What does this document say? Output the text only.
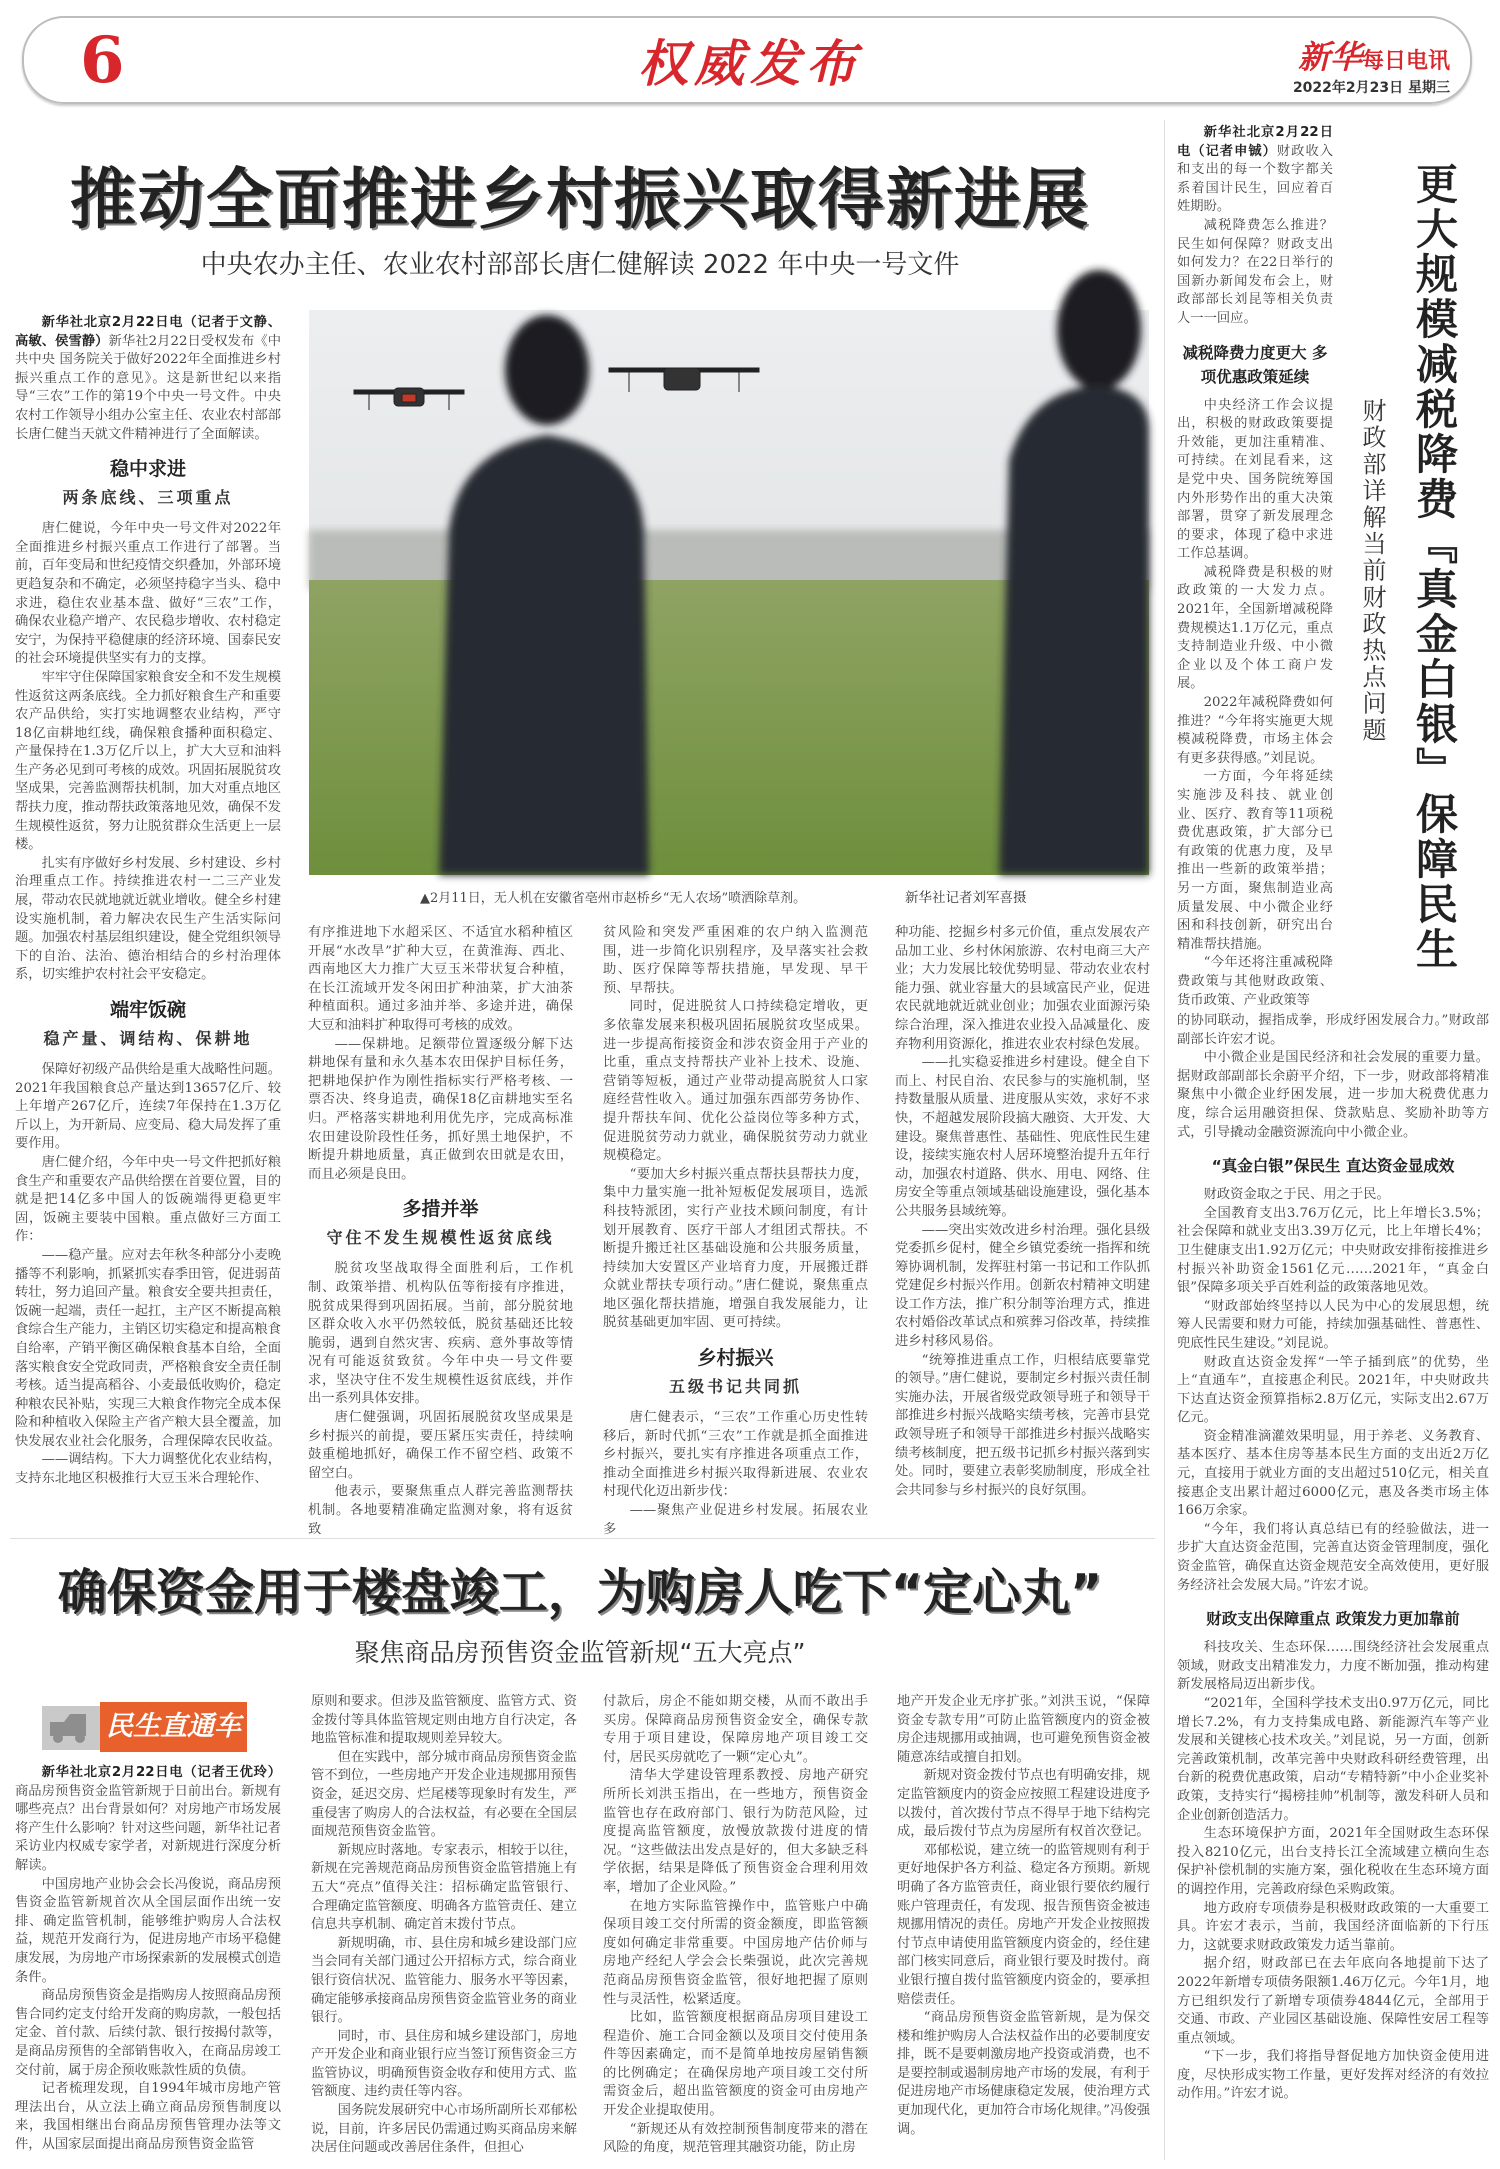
6	权威发布	新华每日电讯
2022年2月23日 星期三
推动全面推进乡村振兴取得新进展
中央农办主任、农业农村部部长唐仁健解读 2022 年中央一号文件

新华社北京2月22日电（记者于文静、高敏、侯雪静）新华社2月22日受权发布《中共中央 国务院关于做好2022年全面推进乡村振兴重点工作的意见》。这是新世纪以来指导“三农”工作的第19个中央一号文件。中央农村工作领导小组办公室主任、农业农村部部长唐仁健当天就文件精神进行了全面解读。

稳中求进
两条底线、三项重点

唐仁健说，今年中央一号文件对2022年全面推进乡村振兴重点工作进行了部署。当前，百年变局和世纪疫情交织叠加，外部环境更趋复杂和不确定，必须坚持稳字当头、稳中求进，稳住农业基本盘、做好“三农”工作，确保农业稳产增产、农民稳步增收、农村稳定安宁，为保持平稳健康的经济环境、国泰民安的社会环境提供坚实有力的支撑。

牢牢守住保障国家粮食安全和不发生规模性返贫这两条底线。全力抓好粮食生产和重要农产品供给，实打实地调整农业结构，严守18亿亩耕地红线，确保粮食播种面积稳定、产量保持在1.3万亿斤以上，扩大大豆和油料生产务必见到可考核的成效。巩固拓展脱贫攻坚成果，完善监测帮扶机制，加大对重点地区帮扶力度，推动帮扶政策落地见效，确保不发生规模性返贫，努力让脱贫群众生活更上一层楼。

扎实有序做好乡村发展、乡村建设、乡村治理重点工作。持续推进农村一二三产业发展，带动农民就地就近就业增收。健全乡村建设实施机制，着力解决农民生产生活实际问题。加强农村基层组织建设，健全党组织领导下的自治、法治、德治相结合的乡村治理体系，切实维护农村社会平安稳定。

端牢饭碗
稳产量、调结构、保耕地

保障好初级产品供给是重大战略性问题。2021年我国粮食总产量达到13657亿斤、较上年增产267亿斤，连续7年保持在1.3万亿斤以上，为开新局、应变局、稳大局发挥了重要作用。

唐仁健介绍，今年中央一号文件把抓好粮食生产和重要农产品供给摆在首要位置，目的就是把14亿多中国人的饭碗端得更稳更牢固，饭碗主要装中国粮。重点做好三方面工作：

——稳产量。应对去年秋冬种部分小麦晚播等不利影响，抓紧抓实春季田管，促进弱苗转壮，努力追回产量。粮食安全要共担责任，饭碗一起端，责任一起扛，主产区不断提高粮食综合生产能力，主销区切实稳定和提高粮食自给率，产销平衡区确保粮食基本自给，全面落实粮食安全党政同责，严格粮食安全责任制考核。适当提高稻谷、小麦最低收购价，稳定种粮农民补贴，实现三大粮食作物完全成本保险和种植收入保险主产省产粮大县全覆盖，加快发展农业社会化服务，合理保障农民收益。

——调结构。下大力调整优化农业结构，支持东北地区积极推行大豆玉米合理轮作、

▲2月11日，无人机在安徽省亳州市赵桥乡“无人农场”喷洒除草剂。	新华社记者刘军喜摄

有序推进地下水超采区、不适宜水稻种植区开展“水改旱”扩种大豆，在黄淮海、西北、西南地区大力推广大豆玉米带状复合种植，在长江流域开发冬闲田扩种油菜，扩大油茶种植面积。通过多油并举、多途并进，确保大豆和油料扩种取得可考核的成效。

——保耕地。足额带位置逐级分解下达耕地保有量和永久基本农田保护目标任务，把耕地保护作为刚性指标实行严格考核、一票否决、终身追责，确保18亿亩耕地实至名归。严格落实耕地利用优先序，完成高标准农田建设阶段性任务，抓好黑土地保护，不断提升耕地质量，真正做到农田就是农田，而且必须是良田。

多措并举
守住不发生规模性返贫底线

脱贫攻坚战取得全面胜利后，工作机制、政策举措、机构队伍等衔接有序推进，脱贫成果得到巩固拓展。当前，部分脱贫地区群众收入水平仍然较低，脱贫基础还比较脆弱，遇到自然灾害、疾病、意外事故等情况有可能返贫致贫。今年中央一号文件要求，坚决守住不发生规模性返贫底线，并作出一系列具体安排。

唐仁健强调，巩固拓展脱贫攻坚成果是乡村振兴的前提，要压紧压实责任，持续响鼓重槌地抓好，确保工作不留空档、政策不留空白。

他表示，要聚焦重点人群完善监测帮扶机制。各地要精准确定监测对象，将有返贫致

贫风险和突发严重困难的农户纳入监测范围，进一步简化识别程序，及早落实社会救助、医疗保障等帮扶措施，早发现、早干预、早帮扶。

同时，促进脱贫人口持续稳定增收，更多依靠发展来积极巩固拓展脱贫攻坚成果。进一步提高衔接资金和涉农资金用于产业的比重，重点支持帮扶产业补上技术、设施、营销等短板，通过产业带动提高脱贫人口家庭经营性收入。通过加强东西部劳务协作、提升帮扶车间、优化公益岗位等多种方式，促进脱贫劳动力就业，确保脱贫劳动力就业规模稳定。

“要加大乡村振兴重点帮扶县帮扶力度，集中力量实施一批补短板促发展项目，选派科技特派团，实行产业技术顾问制度，有计划开展教育、医疗干部人才组团式帮扶。不断提升搬迁社区基础设施和公共服务质量，持续加大安置区产业培育力度，开展搬迁群众就业帮扶专项行动。”唐仁健说，聚焦重点地区强化帮扶措施，增强自我发展能力，让脱贫基础更加牢固、更可持续。

乡村振兴
五级书记共同抓

唐仁健表示，“三农”工作重心历史性转移后，新时代抓“三农”工作就是抓全面推进乡村振兴，要扎实有序推进各项重点工作，推动全面推进乡村振兴取得新进展、农业农村现代化迈出新步伐：

——聚焦产业促进乡村发展。拓展农业多

种功能、挖掘乡村多元价值，重点发展农产品加工业、乡村休闲旅游、农村电商三大产业；大力发展比较优势明显、带动农业农村能力强、就业容量大的县域富民产业，促进农民就地就近就业创业；加强农业面源污染综合治理，深入推进农业投入品减量化、废弃物利用资源化，推进农业农村绿色发展。

——扎实稳妥推进乡村建设。健全自下而上、村民自治、农民参与的实施机制，坚持数量服从质量、进度服从实效，求好不求快，不超越发展阶段搞大融资、大开发、大建设。聚焦普惠性、基础性、兜底性民生建设，接续实施农村人居环境整治提升五年行动，加强农村道路、供水、用电、网络、住房安全等重点领域基础设施建设，强化基本公共服务县域统筹。

——突出实效改进乡村治理。强化县级党委抓乡促村，健全乡镇党委统一指挥和统筹协调机制，发挥驻村第一书记和工作队抓党建促乡村振兴作用。创新农村精神文明建设工作方法，推广积分制等治理方式，推进农村婚俗改革试点和殡葬习俗改革，持续推进乡村移风易俗。

“统筹推进重点工作，归根结底要靠党的领导。”唐仁健说，要制定乡村振兴责任制实施办法，开展省级党政领导班子和领导干部推进乡村振兴战略实绩考核，完善市县党政领导班子和领导干部推进乡村振兴战略实绩考核制度，把五级书记抓乡村振兴落到实处。同时，要建立表彰奖励制度，形成全社会共同参与乡村振兴的良好氛围。

更大规模减税降费『真金白银』保障民生
财政部详解当前财政热点问题

新华社北京2月22日电（记者申铖）财政收入和支出的每一个数字都关系着国计民生，回应着百姓期盼。

减税降费怎么推进？民生如何保障？财政支出如何发力？在22日举行的国新办新闻发布会上，财政部部长刘昆等相关负责人一一回应。

减税降费力度更大 多项优惠政策延续

中央经济工作会议提出，积极的财政政策要提升效能，更加注重精准、可持续。在刘昆看来，这是党中央、国务院统筹国内外形势作出的重大决策部署，贯穿了新发展理念的要求，体现了稳中求进工作总基调。

减税降费是积极的财政政策的一大发力点。2021年，全国新增减税降费规模达1.1万亿元，重点支持制造业升级、中小微企业以及个体工商户发展。

2022年减税降费如何推进？“今年将实施更大规模减税降费，市场主体会有更多获得感。”刘昆说。

一方面，今年将延续实施涉及科技、就业创业、医疗、教育等11项税费优惠政策，扩大部分已有政策的优惠力度，及早推出一些新的政策举措；另一方面，聚焦制造业高质量发展、中小微企业纾困和科技创新，研究出台精准帮扶措施。

“今年还将注重减税降费政策与其他财政政策、货币政策、产业政策等

的协同联动，握指成拳，形成纾困发展合力。”财政部副部长许宏才说。

中小微企业是国民经济和社会发展的重要力量。据财政部副部长余蔚平介绍，下一步，财政部将精准聚焦中小微企业纾困发展，进一步加大税费优惠力度，综合运用融资担保、贷款贴息、奖励补助等方式，引导撬动金融资源流向中小微企业。

“真金白银”保民生 直达资金显成效

财政资金取之于民、用之于民。

全国教育支出3.76万亿元，比上年增长3.5%；社会保障和就业支出3.39万亿元，比上年增长4%；卫生健康支出1.92万亿元；中央财政安排衔接推进乡村振兴补助资金1561亿元……2021年，“真金白银”保障多项关乎百姓利益的政策落地见效。

“财政部始终坚持以人民为中心的发展思想，统筹人民需要和财力可能，持续加强基础性、普惠性、兜底性民生建设。”刘昆说。

财政直达资金发挥“一竿子插到底”的优势，坐上“直通车”，直接惠企利民。2021年，中央财政共下达直达资金预算指标2.8万亿元，实际支出2.67万亿元。

资金精准滴灌效果明显，用于养老、义务教育、基本医疗、基本住房等基本民生方面的支出近2万亿元，直接用于就业方面的支出超过510亿元，相关直接惠企支出累计超过6000亿元，惠及各类市场主体166万余家。

“今年，我们将认真总结已有的经验做法，进一步扩大直达资金范围，完善直达资金管理制度，强化资金监管，确保直达资金规范安全高效使用，更好服务经济社会发展大局。”许宏才说。

财政支出保障重点 政策发力更加靠前

科技攻关、生态环保……围绕经济社会发展重点领域，财政支出精准发力，力度不断加强，推动构建新发展格局迈出新步伐。

“2021年，全国科学技术支出0.97万亿元，同比增长7.2%，有力支持集成电路、新能源汽车等产业发展和关键核心技术攻关。”刘昆说，另一方面，创新完善政策机制，改革完善中央财政科研经费管理，出台新的税费优惠政策，启动“专精特新”中小企业奖补政策，支持实行“揭榜挂帅”机制等，激发科研人员和企业创新创造活力。

生态环境保护方面，2021年全国财政生态环保投入8210亿元，出台支持长江全流域建立横向生态保护补偿机制的实施方案，强化税收在生态环境方面的调控作用，完善政府绿色采购政策。

地方政府专项债券是积极财政政策的一大重要工具。许宏才表示，当前，我国经济面临新的下行压力，这就要求财政政策发力适当靠前。

据介绍，财政部已在去年底向各地提前下达了2022年新增专项债务限额1.46万亿元。今年1月，地方已组织发行了新增专项债券4844亿元，全部用于交通、市政、产业园区基础设施、保障性安居工程等重点领域。

“下一步，我们将指导督促地方加快资金使用进度，尽快形成实物工作量，更好发挥对经济的有效拉动作用。”许宏才说。

确保资金用于楼盘竣工，为购房人吃下“定心丸”
聚焦商品房预售资金监管新规“五大亮点”
民生直通车

新华社北京2月22日电（记者王优玲）商品房预售资金监管新规于日前出台。新规有哪些亮点？出台背景如何？对房地产市场发展将产生什么影响？针对这些问题，新华社记者采访业内权威专家学者，对新规进行深度分析解读。

中国房地产业协会会长冯俊说，商品房预售资金监管新规首次从全国层面作出统一安排、确定监管机制，能够维护购房人合法权益，规范开发商行为，促进房地产市场平稳健康发展，为房地产市场探索新的发展模式创造条件。

商品房预售资金是指购房人按照商品房预售合同约定支付给开发商的购房款，一般包括定金、首付款、后续付款、银行按揭付款等，是商品房预售的全部销售收入，在商品房竣工交付前，属于房企预收账款性质的负债。

记者梳理发现，自1994年城市房地产管理法出台，从立法上确立商品房预售制度以来，我国相继出台商品房预售管理办法等文件，从国家层面提出商品房预售资金监管

原则和要求。但涉及监管额度、监管方式、资金拨付等具体监管规定则由地方自行决定，各地监管标准和提取规则差异较大。

但在实践中，部分城市商品房预售资金监管不到位，一些房地产开发企业违规挪用预售资金，延迟交房、烂尾楼等现象时有发生，严重侵害了购房人的合法权益，有必要在全国层面规范预售资金监管。

新规应时落地。专家表示，相较于以往，新规在完善规范商品房预售资金监管措施上有五大“亮点”值得关注：招标确定监管银行、合理确定监管额度、明确各方监管责任、建立信息共享机制、确定首末拨付节点。

新规明确，市、县住房和城乡建设部门应当会同有关部门通过公开招标方式，综合商业银行资信状况、监管能力、服务水平等因素，确定能够承接商品房预售资金监管业务的商业银行。

同时，市、县住房和城乡建设部门，房地产开发企业和商业银行应当签订预售资金三方监管协议，明确预售资金收存和使用方式、监管额度、违约责任等内容。

国务院发展研究中心市场所副所长邓郁松说，目前，许多居民仍需通过购买商品房来解决居住问题或改善居住条件，但担心

付款后，房企不能如期交楼，从而不敢出手买房。保障商品房预售资金安全，确保专款专用于项目建设，保障房地产项目竣工交付，居民买房就吃了一颗“定心丸”。

清华大学建设管理系教授、房地产研究所所长刘洪玉指出，在一些地方，预售资金监管也存在政府部门、银行为防范风险，过度提高监管额度，放慢放款拨付进度的情况。“这些做法出发点是好的，但大多缺乏科学依据，结果是降低了预售资金合理利用效率，增加了企业风险。”

在地方实际监管操作中，监管账户中确保项目竣工交付所需的资金额度，即监管额度如何确定非常重要。中国房地产估价师与房地产经纪人学会会长柴强说，此次完善规范商品房预售资金监管，很好地把握了原则性与灵活性，松紧适度。

比如，监管额度根据商品房项目建设工程造价、施工合同金额以及项目交付使用条件等因素确定，而不是简单地按房屋销售额的比例确定；在确保房地产项目竣工交付所需资金后，超出监管额度的资金可由房地产开发企业提取使用。

“新规还从有效控制预售制度带来的潜在风险的角度，规范管理其融资功能，防止房

地产开发企业无序扩张。”刘洪玉说，“保障资金专款专用”可防止监管额度内的资金被房企违规挪用或抽调，也可避免预售资金被随意冻结或擅自扣划。

新规对资金拨付节点也有明确安排，规定监管额度内的资金应按照工程建设进度予以拨付，首次拨付节点不得早于地下结构完成，最后拨付节点为房屋所有权首次登记。

邓郁松说，建立统一的监管规则有利于更好地保护各方利益、稳定各方预期。新规明确了各方监管责任，商业银行要依约履行账户管理责任，有发现、报告预售资金被违规挪用情况的责任。房地产开发企业按照拨付节点申请使用监管额度内资金的，经住建部门核实同意后，商业银行要及时拨付。商业银行擅自拨付监管额度内资金的，要承担赔偿责任。

“商品房预售资金监管新规，是为保交楼和维护购房人合法权益作出的必要制度安排，既不是要刺激房地产投资或消费，也不是要控制或遏制房地产市场的发展，有利于促进房地产市场健康稳定发展，使治理方式更加现代化，更加符合市场化规律。”冯俊强调。
